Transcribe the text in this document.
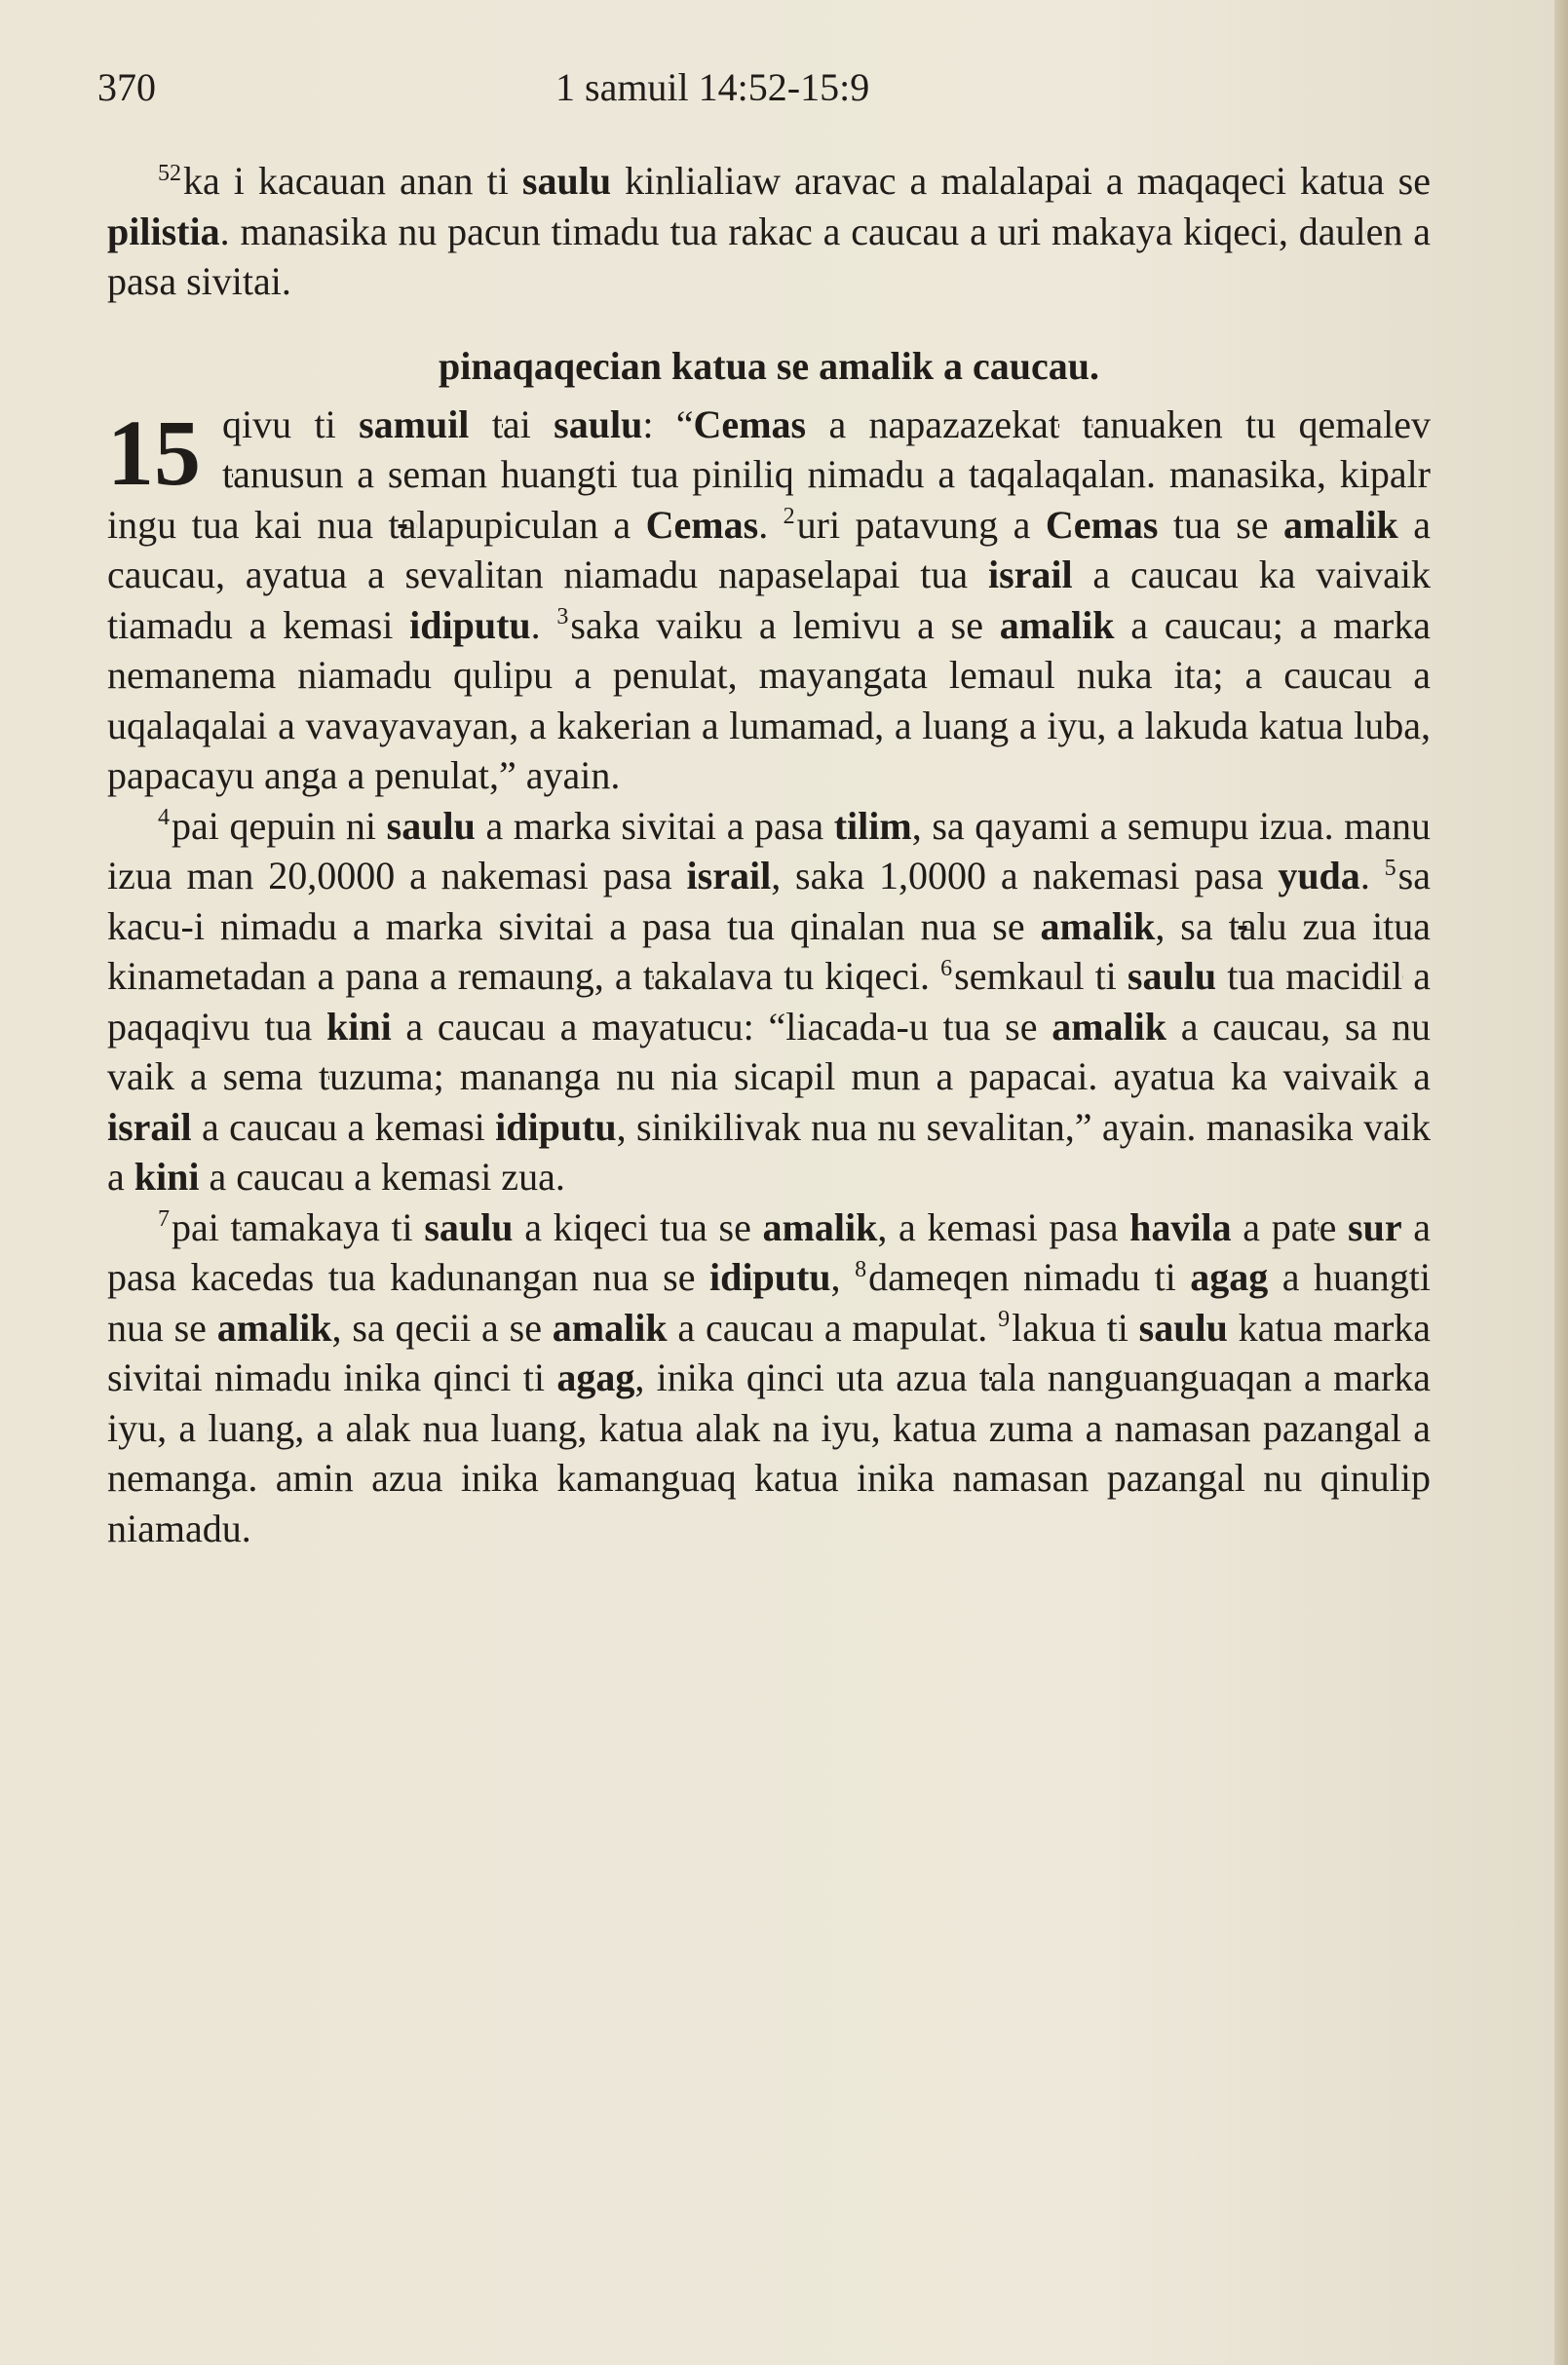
370	1 samuil 14:52-15:9

$^{52}$ka i kacauan anan ti saulu kinlialiaw aravac a malalapai a maqaqeci katua se pilistia. manasika nu pacun timadu tua rakac a caucau a uri makaya kiqeci, daulen a pasa sivitai.

pinaqaqecian katua se amalik a caucau.

15 qivu ti samuil tai saulu: “Cemas a napazazekat tanuaken tu qemalev tanusun a seman huangti tua piniliq nimadu a taqalaqalan. manasika, kipalr ingu tua kai nua talapupiculan a Cemas. $^2$uri patavung a Cemas tua se amalik a caucau, ayatua a sevalitan niamadu napaselapai tua israil a caucau ka vaivaik tiamadu a kemasi idiputu. $^3$saka vaiku a lemivu a se amalik a caucau; a marka nemanema niamadu qulipu a penulat, mayangata lemaul nuka ita; a caucau a uqalaqalai a vavayavayan, a kakerian a lumamad, a luang a iyu, a lakuda katua luba, papacayu anga a penulat,” ayain.

$^4$pai qepuin ni saulu a marka sivitai a pasa tilim, sa qayami a semupu izua. manu izua man 20,0000 a nakemasi pasa israil, saka 1,0000 a nakemasi pasa yuda. $^5$sa kacu-i nimadu a marka sivitai a pasa tua qinalan nua se amalik, sa talu zua itua kinametadan a pana a remaung, a takalava tu kiqeci. $^6$semkaul ti saulu tua macidil a paqaqivu tua kini a caucau a mayatucu: “liacada-u tua se amalik a caucau, sa nu vaik a sema tuzuma; mananga nu nia sicapil mun a papacai. ayatua ka vaivaik a israil a caucau a kemasi idiputu, sinikilivak nua nu sevalitan,” ayain. manasika vaik a kini a caucau a kemasi zua.

$^7$pai tamakaya ti saulu a kiqeci tua se amalik, a kemasi pasa havila a pate sur a pasa kacedas tua kadunangan nua se idiputu, $^8$dameqen nimadu ti agag a huangti nua se amalik, sa qecii a se amalik a caucau a mapulat. $^9$lakua ti saulu katua marka sivitai nimadu inika qinci ti agag, inika qinci uta azua tala nanguanguaqan a marka iyu, a luang, a alak nua luang, katua alak na iyu, katua zuma a namasan pazangal a nemanga. amin azua inika kamanguaq katua inika namasan pazangal nu qinulip niamadu.
